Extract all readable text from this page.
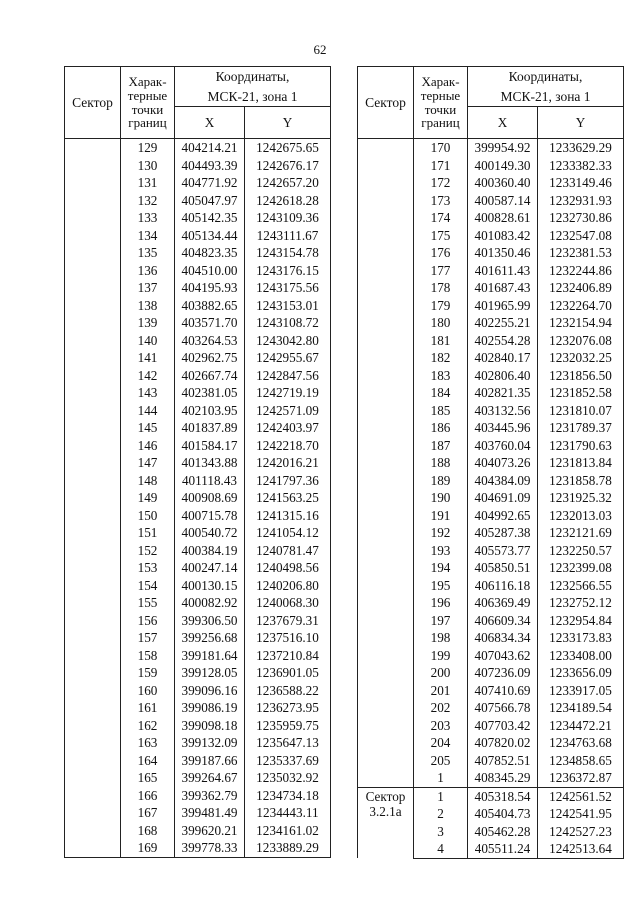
62
Сектор	Харак-
терные
точки
границ	Координаты,
МСК-21, зона 1	
		X	Y
	129	404214.21	1242675.65
	130	404493.39	1242676.17
	131	404771.92	1242657.20
	132	405047.97	1242618.28
	133	405142.35	1243109.36
	134	405134.44	1243111.67
	135	404823.35	1243154.78
	136	404510.00	1243176.15
	137	404195.93	1243175.56
	138	403882.65	1243153.01
	139	403571.70	1243108.72
	140	403264.53	1243042.80
	141	402962.75	1242955.67
	142	402667.74	1242847.56
	143	402381.05	1242719.19
	144	402103.95	1242571.09
	145	401837.89	1242403.97
	146	401584.17	1242218.70
	147	401343.88	1242016.21
	148	401118.43	1241797.36
	149	400908.69	1241563.25
	150	400715.78	1241315.16
	151	400540.72	1241054.12
	152	400384.19	1240781.47
	153	400247.14	1240498.56
	154	400130.15	1240206.80
	155	400082.92	1240068.30
	156	399306.50	1237679.31
	157	399256.68	1237516.10
	158	399181.64	1237210.84
	159	399128.05	1236901.05
	160	399096.16	1236588.22
	161	399086.19	1236273.95
	162	399098.18	1235959.75
	163	399132.09	1235647.13
	164	399187.66	1235337.69
	165	399264.67	1235032.92
	166	399362.79	1234734.18
	167	399481.49	1234443.11
	168	399620.21	1234161.02
	169	399778.33	1233889.29
Сектор	Харак-
терные
точки
границ	Координаты,
МСК-21, зона 1	
		X	Y
	170	399954.92	1233629.29
	171	400149.30	1233382.33
	172	400360.40	1233149.46
	173	400587.14	1232931.93
	174	400828.61	1232730.86
	175	401083.42	1232547.08
	176	401350.46	1232381.53
	177	401611.43	1232244.86
	178	401687.43	1232406.89
	179	401965.99	1232264.70
	180	402255.21	1232154.94
	181	402554.28	1232076.08
	182	402840.17	1232032.25
	183	402806.40	1231856.50
	184	402821.35	1231852.58
	185	403132.56	1231810.07
	186	403445.96	1231789.37
	187	403760.04	1231790.63
	188	404073.26	1231813.84
	189	404384.09	1231858.78
	190	404691.09	1231925.32
	191	404992.65	1232013.03
	192	405287.38	1232121.69
	193	405573.77	1232250.57
	194	405850.51	1232399.08
	195	406116.18	1232566.55
	196	406369.49	1232752.12
	197	406609.34	1232954.84
	198	406834.34	1233173.83
	199	407043.62	1233408.00
	200	407236.09	1233656.09
	201	407410.69	1233917.05
	202	407566.78	1234189.54
	203	407703.42	1234472.21
	204	407820.02	1234763.68
	205	407852.51	1234858.65
	1	408345.29	1236372.87

Сектор
3.2.1а	1	405318.54	1242561.52
	2	405404.73	1242541.95
	3	405462.28	1242527.23
	4	405511.24	1242513.64
